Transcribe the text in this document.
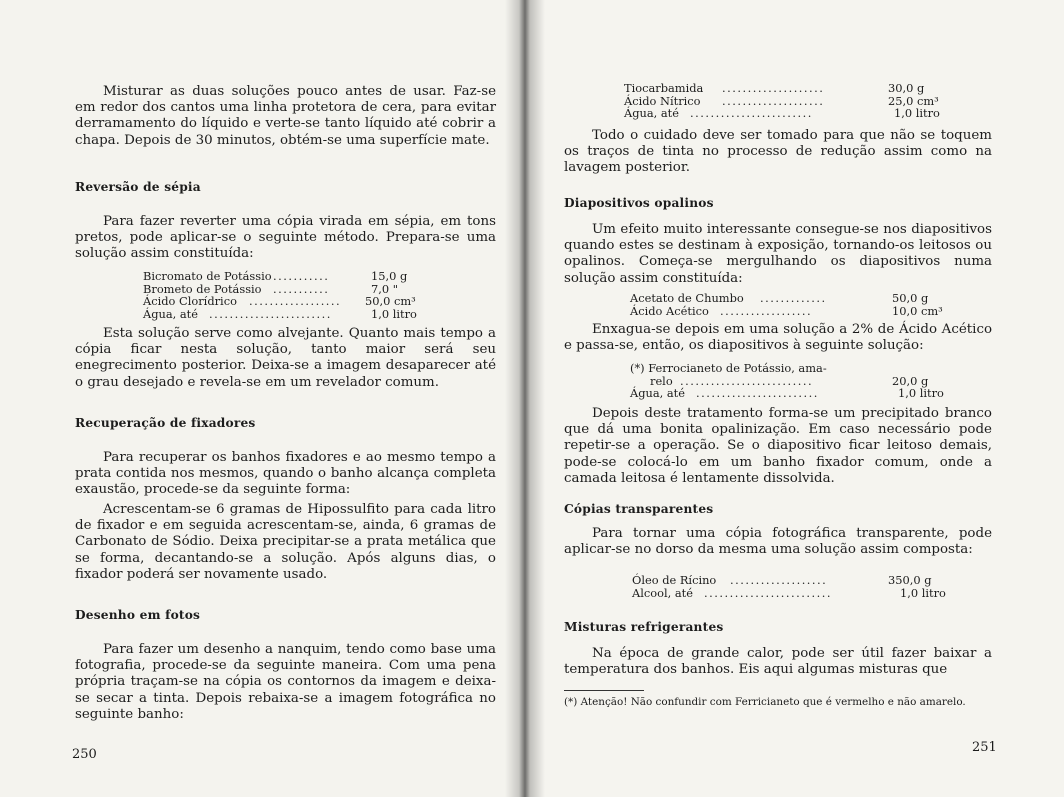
Misturar as duas soluções pouco antes de usar. Faz-se em redor dos cantos uma linha protetora de cera, para evitar derramamento do líquido e verte-se tanto líquido até cobrir a chapa. Depois de 30 minutos, obtém-se uma superfície mate.

Reversão de sépia

Para fazer reverter uma cópia virada em sépia, em tons pretos, pode aplicar-se o seguinte método. Prepara-se uma solução assim constituída:

Bicromato de Potássio ...........	15,0 g
Brometo de Potássio ...........	7,0 "
Ácido Clorídrico ..................	50,0 cm³
Água, até ........................	1,0 litro

Esta solução serve como alvejante. Quanto mais tempo a cópia ficar nesta solução, tanto maior será seu enegrecimento posterior. Deixa-se a imagem desaparecer até o grau desejado e revela-se em um revelador comum.

Recuperação de fixadores

Para recuperar os banhos fixadores e ao mesmo tempo a prata contida nos mesmos, quando o banho alcança completa exaustão, procede-se da seguinte forma:

Acrescentam-se 6 gramas de Hipossulfito para cada litro de fixador e em seguida acrescentam-se, ainda, 6 gramas de Carbonato de Sódio. Deixa precipitar-se a prata metálica que se forma, decantando-se a solução. Após alguns dias, o fixador poderá ser novamente usado.

Desenho em fotos

Para fazer um desenho a nanquim, tendo como base uma fotografia, procede-se da seguinte maneira. Com uma pena própria traçam-se na cópia os contornos da imagem e deixa-se secar a tinta. Depois rebaixa-se a imagem fotográfica no seguinte banho:

250
Tiocarbamida ....................	30,0 g
Ácido Nítrico ....................	25,0 cm³
Água, até ........................	1,0 litro

Todo o cuidado deve ser tomado para que não se toquem os traços de tinta no processo de redução assim como na lavagem posterior.

Diapositivos opalinos

Um efeito muito interessante consegue-se nos diapositivos quando estes se destinam à exposição, tornando-os leitosos ou opalinos. Começa-se mergulhando os diapositivos numa solução assim constituída:

Acetato de Chumbo .............	50,0 g
Ácido Acético ..................	10,0 cm³

Enxagua-se depois em uma solução a 2% de Ácido Acético e passa-se, então, os diapositivos à seguinte solução:

(*) Ferrocianeto de Potássio, ama-
relo ..........................	20,0 g
Água, até ........................	1,0 litro

Depois deste tratamento forma-se um precipitado branco que dá uma bonita opalinização. Em caso necessário pode repetir-se a operação. Se o diapositivo ficar leitoso demais, pode-se colocá-lo em um banho fixador comum, onde a camada leitosa é lentamente dissolvida.

Cópias transparentes

Para tornar uma cópia fotográfica transparente, pode aplicar-se no dorso da mesma uma solução assim composta:

Óleo de Rícino ...................	350,0 g
Alcool, até .........................	1,0 litro
Misturas refrigerantes

Na época de grande calor, pode ser útil fazer baixar a temperatura dos banhos. Eis aqui algumas misturas que

(*) Atenção! Não confundir com Ferricianeto que é vermelho e não amarelo.
251
